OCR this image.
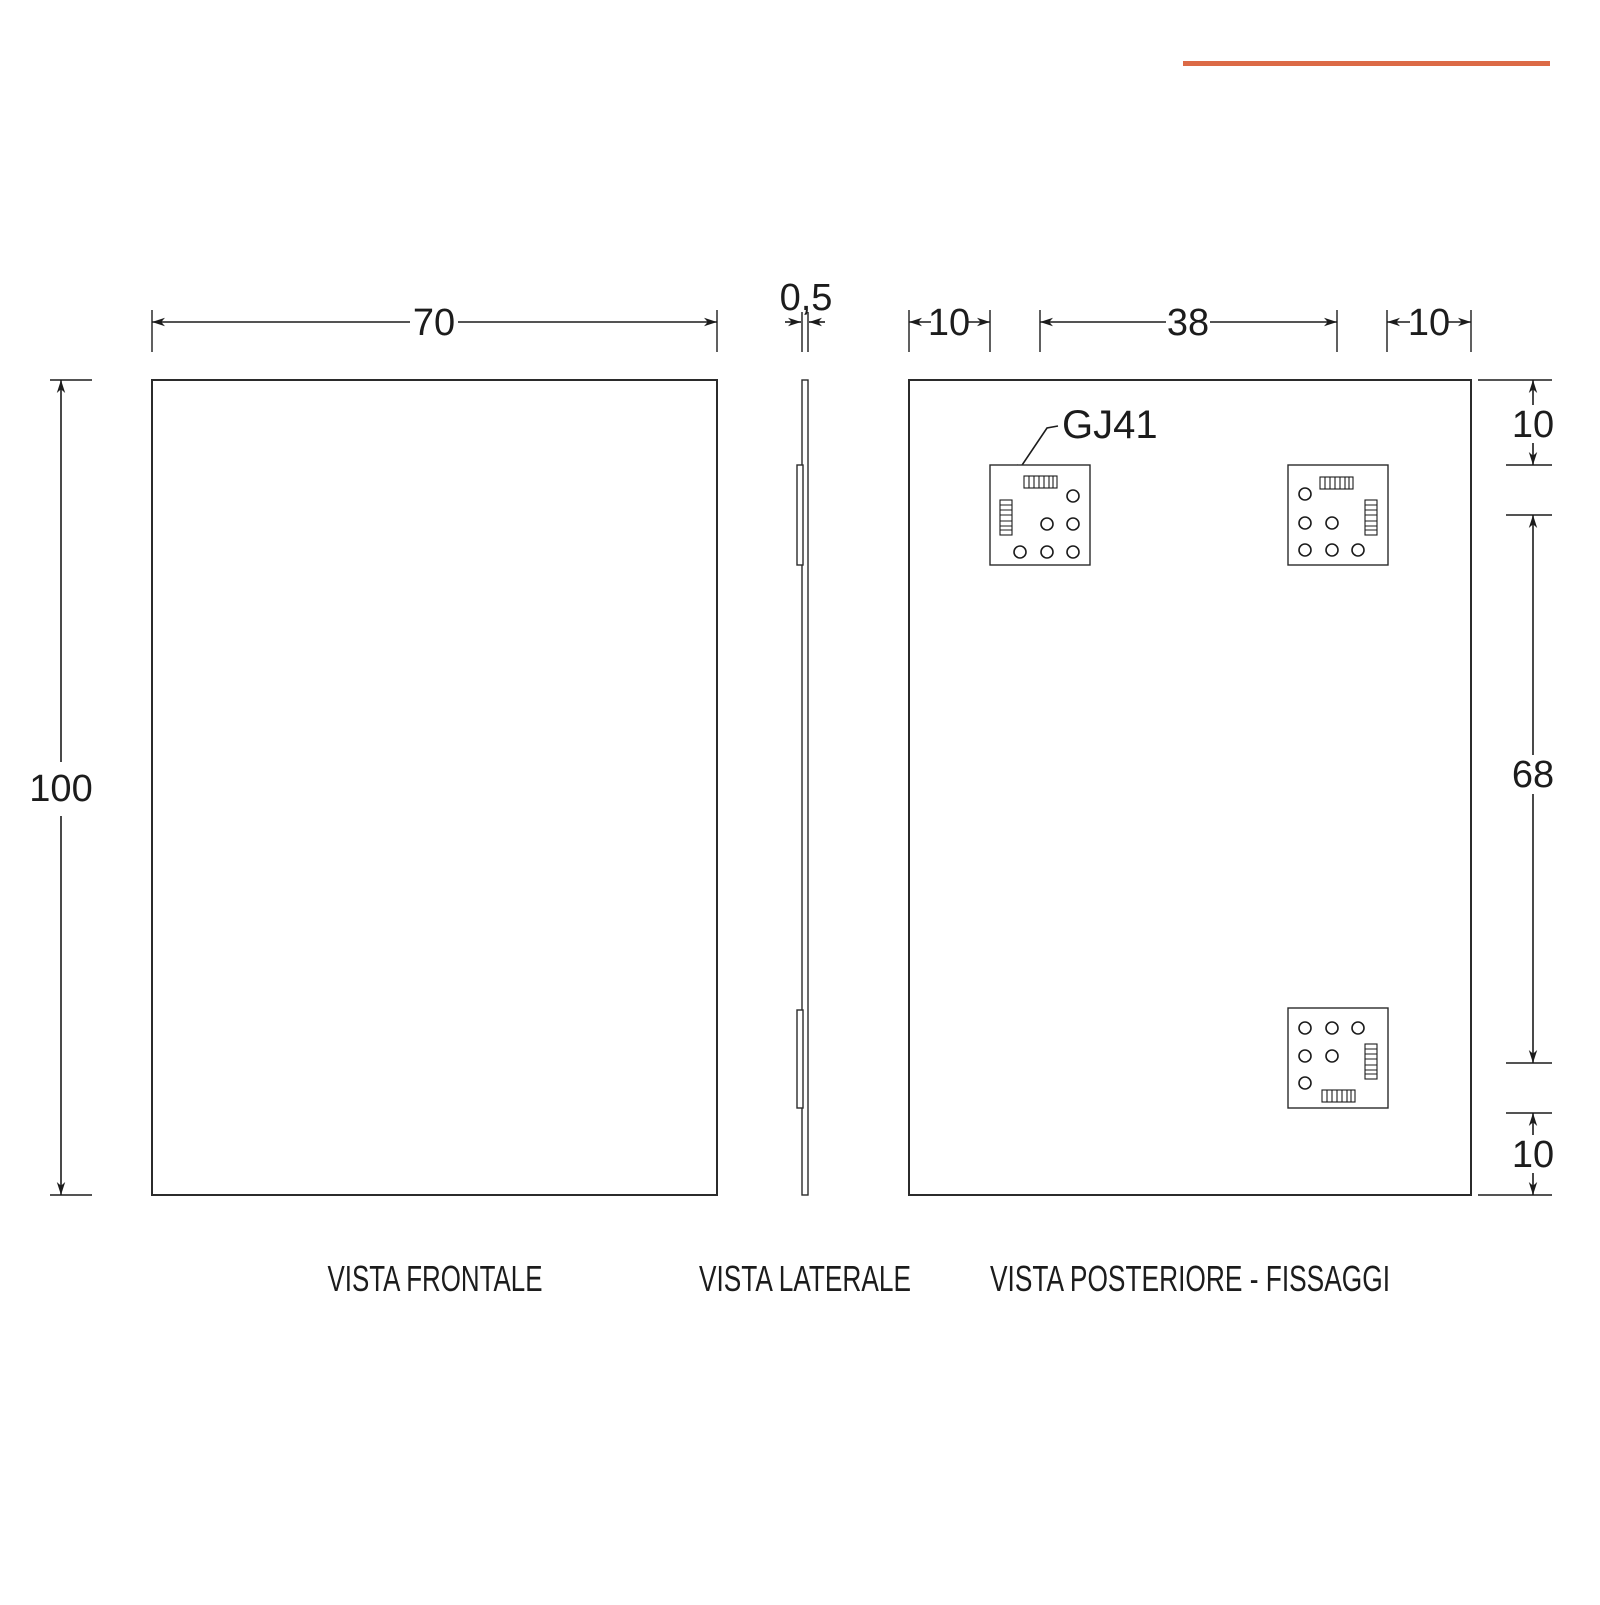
70
100
0,5
10	38	10
10
68
10
GJ41
VISTA FRONTALE	VISTA LATERALE VISTA POSTERIORE - FISSAGGI
